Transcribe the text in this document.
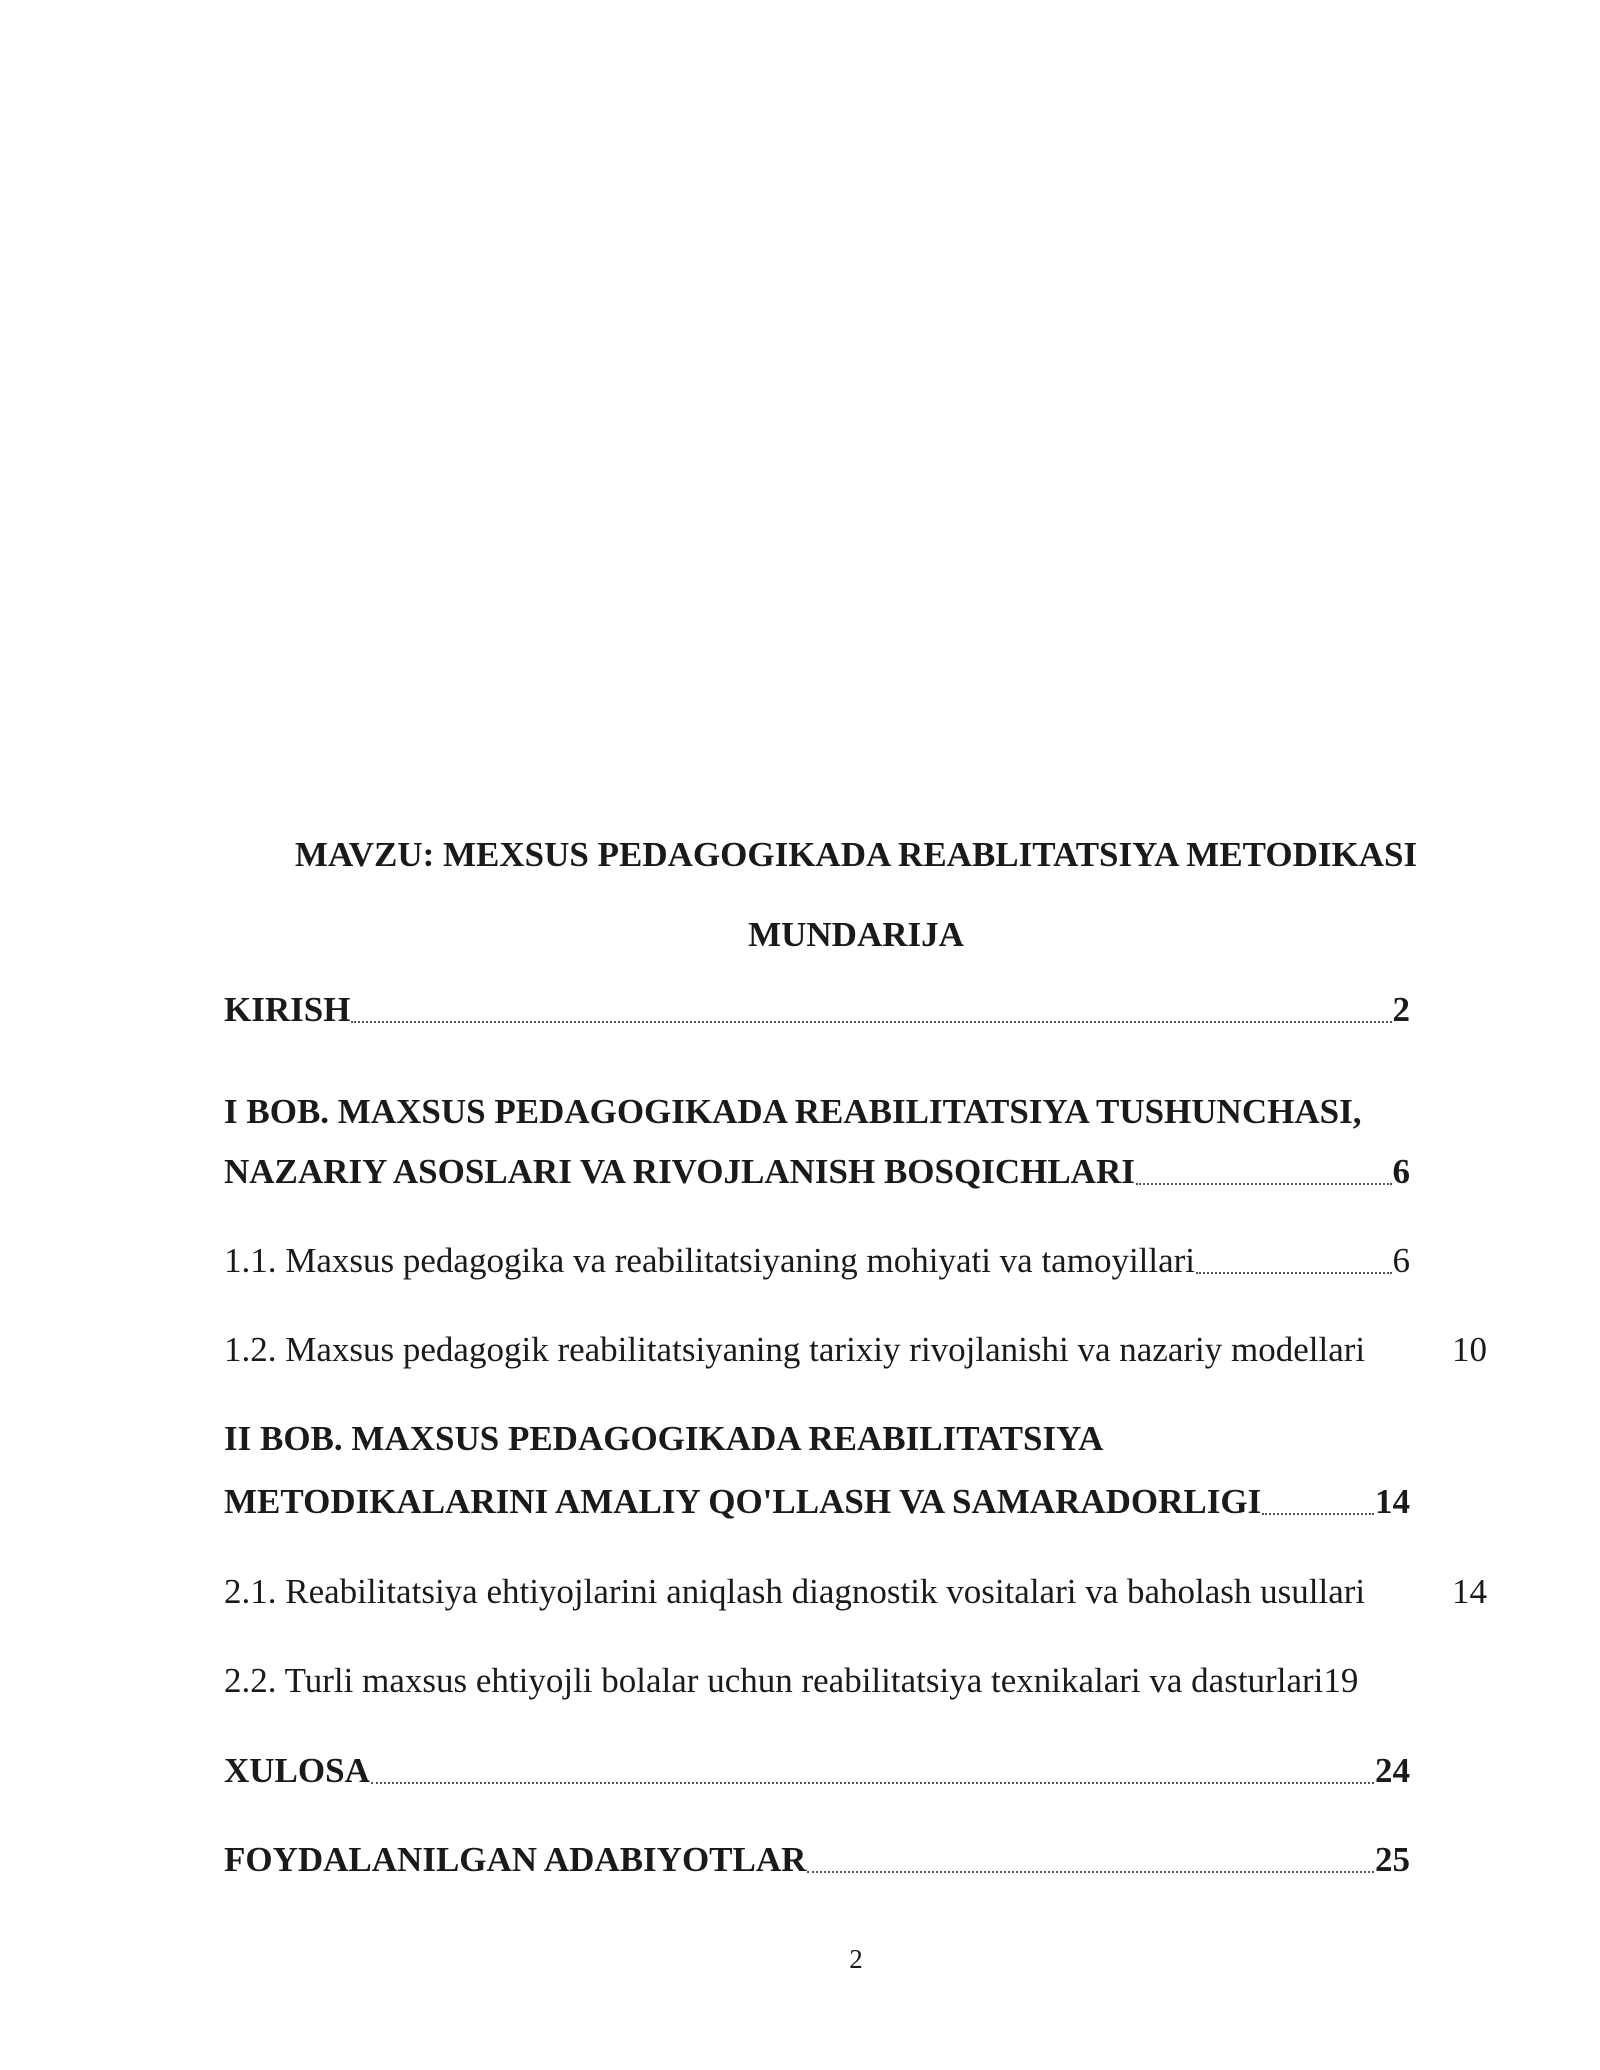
MAVZU: MEXSUS PEDAGOGIKADA REABLITATSIYA METODIKASI
MUNDARIJA
KIRISH	2
I BOB. MAXSUS PEDAGOGIKADA REABILITATSIYA TUSHUNCHASI,
NAZARIY ASOSLARI VA RIVOJLANISH BOSQICHLARI	6
1.1. Maxsus pedagogika va reabilitatsiyaning mohiyati va tamoyillari	6
1.2. Maxsus pedagogik reabilitatsiyaning tarixiy rivojlanishi va nazariy modellari 10
II BOB. MAXSUS PEDAGOGIKADA REABILITATSIYA
METODIKALARINI AMALIY QO'LLASH VA SAMARADORLIGI	14
2.1. Reabilitatsiya ehtiyojlarini aniqlash diagnostik vositalari va baholash usullari 14
2.2. Turli maxsus ehtiyojli bolalar uchun reabilitatsiya texnikalari va dasturlari 19
XULOSA	24
FOYDALANILGAN ADABIYOTLAR	25
2
